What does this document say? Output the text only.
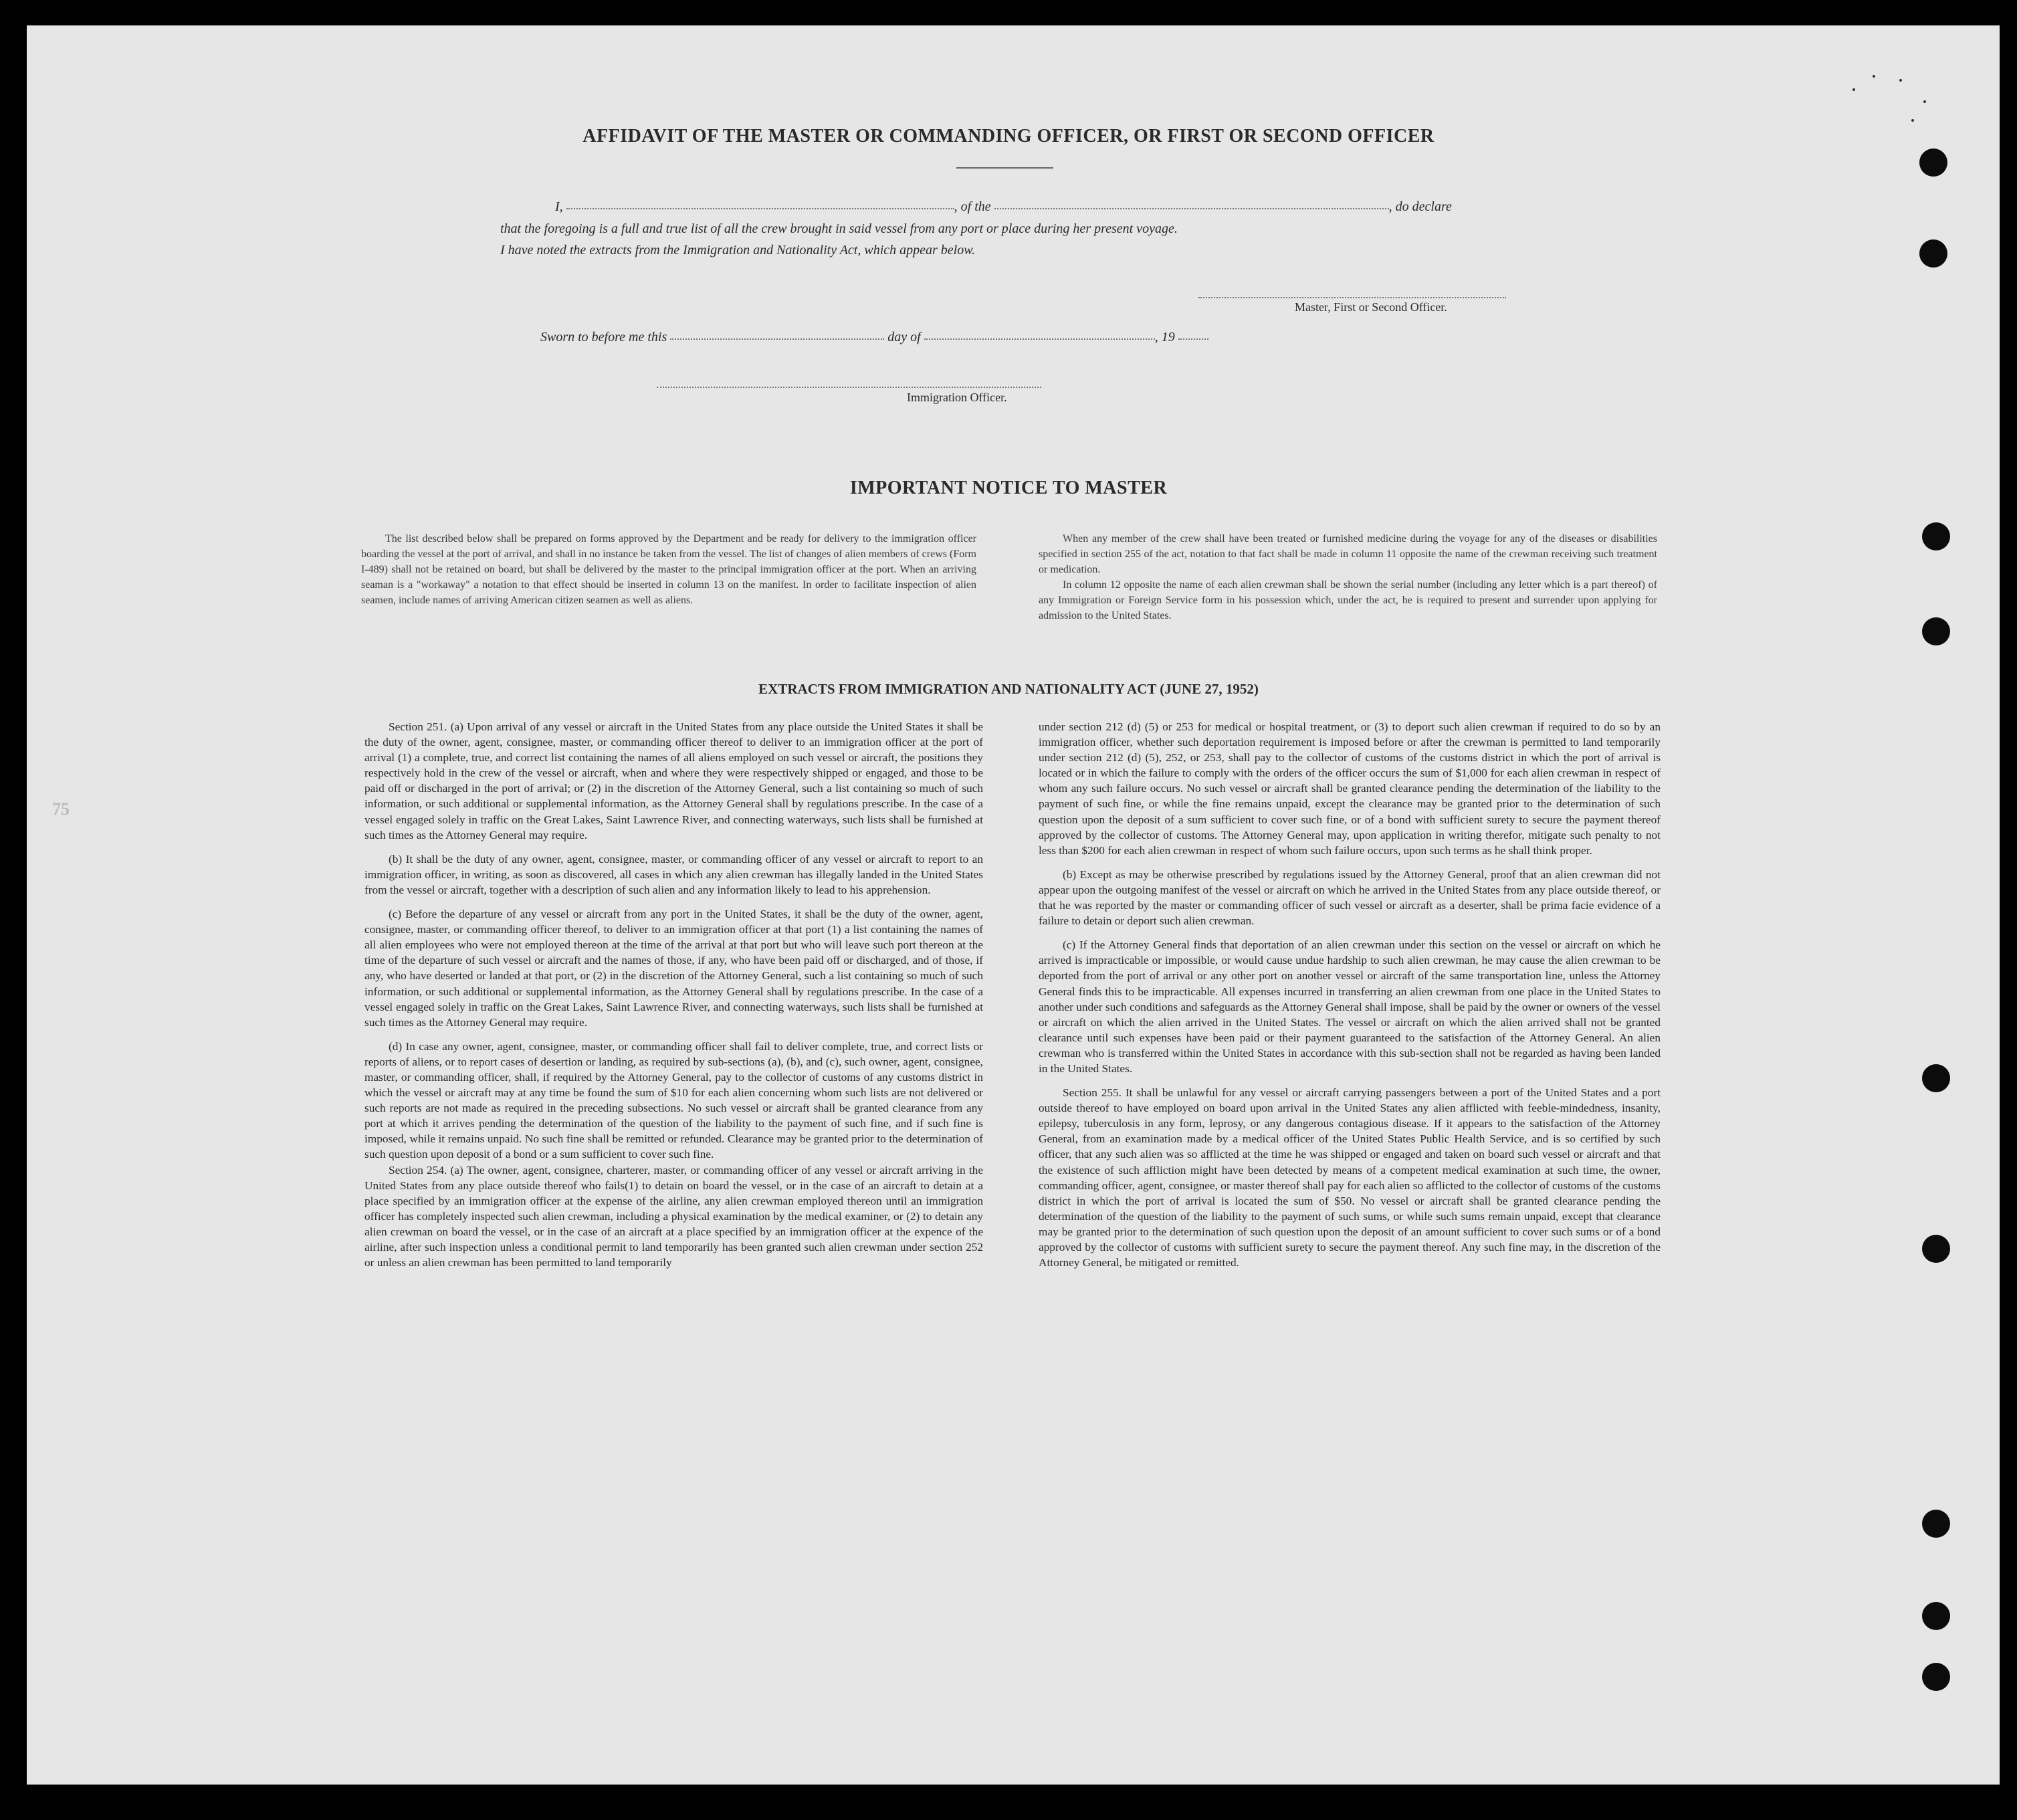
75
AFFIDAVIT OF THE MASTER OR COMMANDING OFFICER, OR FIRST OR SECOND OFFICER
I,	, of the	, do declare
that the foregoing is a full and true list of all the crew brought in said vessel from any port or place during her present voyage.
I have noted the extracts from the Immigration and Nationality Act, which appear below.
Master, First or Second Officer.
Sworn to before me this	day of	, 19
Immigration Officer.
IMPORTANT NOTICE TO MASTER

The list described below shall be prepared on forms approved by the Department and be ready for delivery to the immigration officer boarding the vessel at the port of arrival, and shall in no instance be taken from the vessel. The list of changes of alien members of crews (Form I-489) shall not be retained on board, but shall be delivered by the master to the principal immigration officer at the port. When an arriving seaman is a "workaway" a notation to that effect should be inserted in column 13 on the manifest. In order to facilitate inspection of alien seamen, include names of arriving American citizen seamen as well as aliens.

When any member of the crew shall have been treated or furnished medicine during the voyage for any of the diseases or disabilities specified in section 255 of the act, notation to that fact shall be made in column 11 opposite the name of the crewman receiving such treatment or medication.

In column 12 opposite the name of each alien crewman shall be shown the serial number (including any letter which is a part thereof) of any Immigration or Foreign Service form in his possession which, under the act, he is required to present and surrender upon applying for admission to the United States.

EXTRACTS FROM IMMIGRATION AND NATIONALITY ACT (JUNE 27, 1952)

Section 251. (a) Upon arrival of any vessel or aircraft in the United States from any place outside the United States it shall be the duty of the owner, agent, consignee, master, or commanding officer thereof to deliver to an immigration officer at the port of arrival (1) a complete, true, and correct list containing the names of all aliens employed on such vessel or aircraft, the positions they respectively hold in the crew of the vessel or aircraft, when and where they were respectively shipped or engaged, and those to be paid off or discharged in the port of arrival; or (2) in the discretion of the Attorney General, such a list containing so much of such information, or such additional or supplemental information, as the Attorney General shall by regulations prescribe. In the case of a vessel engaged solely in traffic on the Great Lakes, Saint Lawrence River, and connecting waterways, such lists shall be furnished at such times as the Attorney General may require.

(b) It shall be the duty of any owner, agent, consignee, master, or commanding officer of any vessel or aircraft to report to an immigration officer, in writing, as soon as discovered, all cases in which any alien crewman has illegally landed in the United States from the vessel or aircraft, together with a description of such alien and any information likely to lead to his apprehension.

(c) Before the departure of any vessel or aircraft from any port in the United States, it shall be the duty of the owner, agent, consignee, master, or commanding officer thereof, to deliver to an immigration officer at that port (1) a list containing the names of all alien employees who were not employed thereon at the time of the arrival at that port but who will leave such port thereon at the time of the departure of such vessel or aircraft and the names of those, if any, who have been paid off or discharged, and of those, if any, who have deserted or landed at that port, or (2) in the discretion of the Attorney General, such a list containing so much of such information, or such additional or supplemental information, as the Attorney General shall by regulations prescribe. In the case of a vessel engaged solely in traffic on the Great Lakes, Saint Lawrence River, and connecting waterways, such lists shall be furnished at such times as the Attorney General may require.

(d) In case any owner, agent, consignee, master, or commanding officer shall fail to deliver complete, true, and correct lists or reports of aliens, or to report cases of desertion or landing, as required by sub-sections (a), (b), and (c), such owner, agent, consignee, master, or commanding officer, shall, if required by the Attorney General, pay to the collector of customs of any customs district in which the vessel or aircraft may at any time be found the sum of $10 for each alien concerning whom such lists are not delivered or such reports are not made as required in the preceding subsections. No such vessel or aircraft shall be granted clearance from any port at which it arrives pending the determination of the question of the liability to the payment of such fine, and if such fine is imposed, while it remains unpaid. No such fine shall be remitted or refunded. Clearance may be granted prior to the determination of such question upon deposit of a bond or a sum sufficient to cover such fine.

Section 254. (a) The owner, agent, consignee, charterer, master, or commanding officer of any vessel or aircraft arriving in the United States from any place outside thereof who fails(1) to detain on board the vessel, or in the case of an aircraft to detain at a place specified by an immigration officer at the expense of the airline, any alien crewman employed thereon until an immigration officer has completely inspected such alien crewman, including a physical examination by the medical examiner, or (2) to detain any alien crewman on board the vessel, or in the case of an aircraft at a place specified by an immigration officer at the expence of the airline, after such inspection unless a conditional permit to land temporarily has been granted such alien crewman under section 252 or unless an alien crewman has been permitted to land temporarily

under section 212 (d) (5) or 253 for medical or hospital treatment, or (3) to deport such alien crewman if required to do so by an immigration officer, whether such deportation requirement is imposed before or after the crewman is permitted to land temporarily under section 212 (d) (5), 252, or 253, shall pay to the collector of customs of the customs district in which the port of arrival is located or in which the failure to comply with the orders of the officer occurs the sum of $1,000 for each alien crewman in respect of whom any such failure occurs. No such vessel or aircraft shall be granted clearance pending the determination of the liability to the payment of such fine, or while the fine remains unpaid, except the clearance may be granted prior to the determination of such question upon the deposit of a sum sufficient to cover such fine, or of a bond with sufficient surety to secure the payment thereof approved by the collector of customs. The Attorney General may, upon application in writing therefor, mitigate such penalty to not less than $200 for each alien crewman in respect of whom such failure occurs, upon such terms as he shall think proper.

(b) Except as may be otherwise prescribed by regulations issued by the Attorney General, proof that an alien crewman did not appear upon the outgoing manifest of the vessel or aircraft on which he arrived in the United States from any place outside thereof, or that he was reported by the master or commanding officer of such vessel or aircraft as a deserter, shall be prima facie evidence of a failure to detain or deport such alien crewman.

(c) If the Attorney General finds that deportation of an alien crewman under this section on the vessel or aircraft on which he arrived is impracticable or impossible, or would cause undue hardship to such alien crewman, he may cause the alien crewman to be deported from the port of arrival or any other port on another vessel or aircraft of the same transportation line, unless the Attorney General finds this to be impracticable. All expenses incurred in transferring an alien crewman from one place in the United States to another under such conditions and safeguards as the Attorney General shall impose, shall be paid by the owner or owners of the vessel or aircraft on which the alien arrived in the United States. The vessel or aircraft on which the alien arrived shall not be granted clearance until such expenses have been paid or their payment guaranteed to the satisfaction of the Attorney General. An alien crewman who is transferred within the United States in accordance with this sub-section shall not be regarded as having been landed in the United States.

Section 255. It shall be unlawful for any vessel or aircraft carrying passengers between a port of the United States and a port outside thereof to have employed on board upon arrival in the United States any alien afflicted with feeble-mindedness, insanity, epilepsy, tuberculosis in any form, leprosy, or any dangerous contagious disease. If it appears to the satisfaction of the Attorney General, from an examination made by a medical officer of the United States Public Health Service, and is so certified by such officer, that any such alien was so afflicted at the time he was shipped or engaged and taken on board such vessel or aircraft and that the existence of such affliction might have been detected by means of a competent medical examination at such time, the owner, commanding officer, agent, consignee, or master thereof shall pay for each alien so afflicted to the collector of customs of the customs district in which the port of arrival is located the sum of $50. No vessel or aircraft shall be granted clearance pending the determination of the question of the liability to the payment of such sums, or while such sums remain unpaid, except that clearance may be granted prior to the determination of such question upon the deposit of an amount sufficient to cover such sums or of a bond approved by the collector of customs with sufficient surety to secure the payment thereof. Any such fine may, in the discretion of the Attorney General, be mitigated or remitted.
